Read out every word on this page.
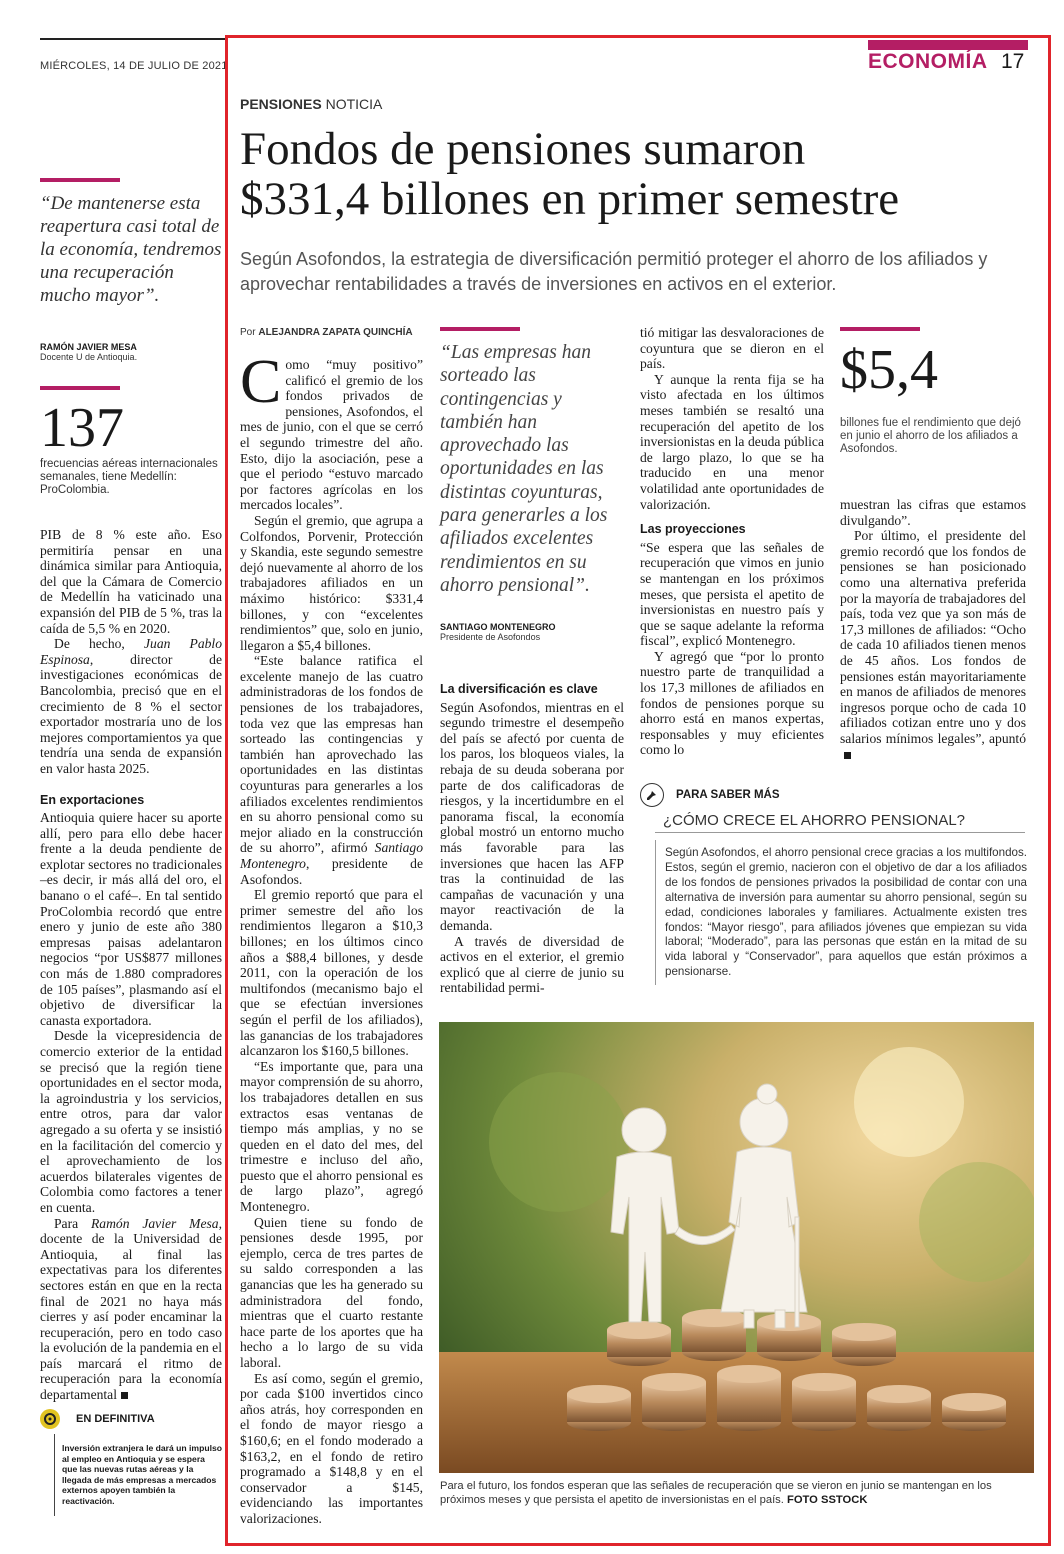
MIÉRCOLES, 14 DE JULIO DE 2021	ECONOMÍA 17
PENSIONES NOTICIA
Fondos de pensiones sumaron
$331,4 billones en primer semestre
Según Asofondos, la estrategia de diversificación permitió proteger el ahorro de los afiliados y aprovechar rentabilidades a través de inversiones en activos en el exterior.
“De mantenerse esta reapertura casi total de la economía, tendremos una recuperación mucho mayor”.
RAMÓN JAVIER MESA
Docente U de Antioquia.
137
frecuencias aéreas internacionales semanales, tiene Medellín: ProColombia.

PIB de 8 % este año. Eso permitiría pensar en una dinámica similar para Antioquia, del que la Cámara de Comercio de Medellín ha vaticinado una expansión del PIB de 5 %, tras la caída de 5,5 % en 2020.

De hecho, Juan Pablo Espinosa, director de investigaciones económicas de Bancolombia, precisó que en el crecimiento de 8 % el sector exportador mostraría uno de los mejores comportamientos ya que tendría una senda de expansión en valor hasta 2025.

En exportaciones

Antioquia quiere hacer su aporte allí, pero para ello debe hacer frente a la deuda pendiente de explotar sectores no tradicionales –es decir, ir más allá del oro, el banano o el café–. En tal sentido ProColombia recordó que entre enero y junio de este año 380 empresas paisas adelantaron negocios “por US$877 millones con más de 1.880 compradores de 105 países”, plasmando así el objetivo de diversificar la canasta exportadora.

Desde la vicepresidencia de comercio exterior de la entidad se precisó que la región tiene oportunidades en el sector moda, la agroindustria y los servicios, entre otros, para dar valor agregado a su oferta y se insistió en la facilitación del comercio y el aprovechamiento de los acuerdos bilaterales vigentes de Colombia como factores a tener en cuenta.

Para Ramón Javier Mesa, docente de la Universidad de Antioquia, al final las expectativas para los diferentes sectores están en que en la recta final de 2021 no haya más cierres y así poder encaminar la recuperación, pero en todo caso la evolución de la pandemia en el país marcará el ritmo de recuperación para la economía departamental

EN DEFINITIVA
Inversión extranjera le dará un impulso al empleo en Antioquia y se espera que las nuevas rutas aéreas y la llegada de más empresas a mercados externos apoyen también la reactivación.
Por ALEJANDRA ZAPATA QUINCHÍA

Como “muy positivo” calificó el gremio de los fondos privados de pensiones, Asofondos, el mes de junio, con el que se cerró el segundo trimestre del año. Esto, dijo la asociación, pese a que el periodo “estuvo marcado por factores agrícolas en los mercados locales”.

Según el gremio, que agrupa a Colfondos, Porvenir, Protección y Skandia, este segundo semestre dejó nuevamente al ahorro de los trabajadores afiliados en un máximo histórico: $331,4 billones, y con “excelentes rendimientos” que, solo en junio, llegaron a $5,4 billones.

“Este balance ratifica el excelente manejo de las cuatro administradoras de los fondos de pensiones de los trabajadores, toda vez que las empresas han sorteado las contingencias y también han aprovechado las oportunidades en las distintas coyunturas para generarles a los afiliados excelentes rendimientos en su ahorro pensional como su mejor aliado en la construcción de su ahorro”, afirmó Santiago Montenegro, presidente de Asofondos.

El gremio reportó que para el primer semestre del año los rendimientos llegaron a $10,3 billones; en los últimos cinco años a $88,4 billones, y desde 2011, con la operación de los multifondos (mecanismo bajo el que se efectúan inversiones según el perfil de los afiliados), las ganancias de los trabajadores alcanzaron los $160,5 billones.

“Es importante que, para una mayor comprensión de su ahorro, los trabajadores detallen en sus extractos esas ventanas de tiempo más amplias, y no se queden en el dato del mes, del trimestre e incluso del año, puesto que el ahorro pensional es de largo plazo”, agregó Montenegro.

Quien tiene su fondo de pensiones desde 1995, por ejemplo, cerca de tres partes de su saldo corresponden a las ganancias que les ha generado su administradora del fondo, mientras que el cuarto restante hace parte de los aportes que ha hecho a lo largo de su vida laboral.

Es así como, según el gremio, por cada $100 invertidos cinco años atrás, hoy corresponden en el fondo de mayor riesgo a $160,6; en el fondo moderado a $163,2, en el fondo de retiro programado a $148,8 y en el conservador a $145, evidenciando las importantes valorizaciones.

“Las empresas han sorteado las contingencias y también han aprovechado las oportunidades en las distintas coyunturas, para generarles a los afiliados excelentes rendimientos en su ahorro pensional”.
SANTIAGO MONTENEGRO
Presidente de Asofondos
La diversificación es clave

Según Asofondos, mientras en el segundo trimestre el desempeño del país se afectó por cuenta de los paros, los bloqueos viales, la rebaja de su deuda soberana por parte de dos calificadoras de riesgos, y la incertidumbre en el panorama fiscal, la economía global mostró un entorno mucho más favorable para las inversiones que hacen las AFP tras la continuidad de las campañas de vacunación y una mayor reactivación de la demanda.

A través de diversidad de activos en el exterior, el gremio explicó que al cierre de junio su rentabilidad permi-

tió mitigar las desvaloraciones de coyuntura que se dieron en el país.

Y aunque la renta fija se ha visto afectada en los últimos meses también se resaltó una recuperación del apetito de los inversionistas en la deuda pública de largo plazo, lo que se ha traducido en una menor volatilidad ante oportunidades de valorización.

Las proyecciones

“Se espera que las señales de recuperación que vimos en junio se mantengan en los próximos meses, que persista el apetito de inversionistas en nuestro país y que se saque adelante la reforma fiscal”, explicó Montenegro.

Y agregó que “por lo pronto nuestro parte de tranquilidad a los 17,3 millones de afiliados en fondos de pensiones porque su ahorro está en manos expertas, responsables y muy eficientes como lo

$5,4
billones fue el rendimiento que dejó en junio el ahorro de los afiliados a Asofondos.

muestran las cifras que estamos divulgando”.

Por último, el presidente del gremio recordó que los fondos de pensiones se han posicionado como una alternativa preferida por la mayoría de trabajadores del país, toda vez que ya son más de 17,3 millones de afiliados: “Ocho de cada 10 afiliados tienen menos de 45 años. Los fondos de pensiones están mayoritariamente en manos de afiliados de menores ingresos porque ocho de cada 10 afiliados cotizan entre uno y dos salarios mínimos legales”, apuntó

PARA SABER MÁS
¿CÓMO CRECE EL AHORRO PENSIONAL?
Según Asofondos, el ahorro pensional crece gracias a los multifondos. Estos, según el gremio, nacieron con el objetivo de dar a los afiliados de los fondos de pensiones privados la posibilidad de contar con una alternativa de inversión para aumentar su ahorro pensional, según su edad, condiciones laborales y familiares. Actualmente existen tres fondos: “Mayor riesgo”, para afiliados jóvenes que empiezan su vida laboral; “Moderado”, para las personas que están en la mitad de su vida laboral y “Conservador”, para aquellos que están próximos a pensionarse.
Para el futuro, los fondos esperan que las señales de recuperación que se vieron en junio se mantengan en los próximos meses y que persista el apetito de inversionistas en el país. FOTO SSTOCK
